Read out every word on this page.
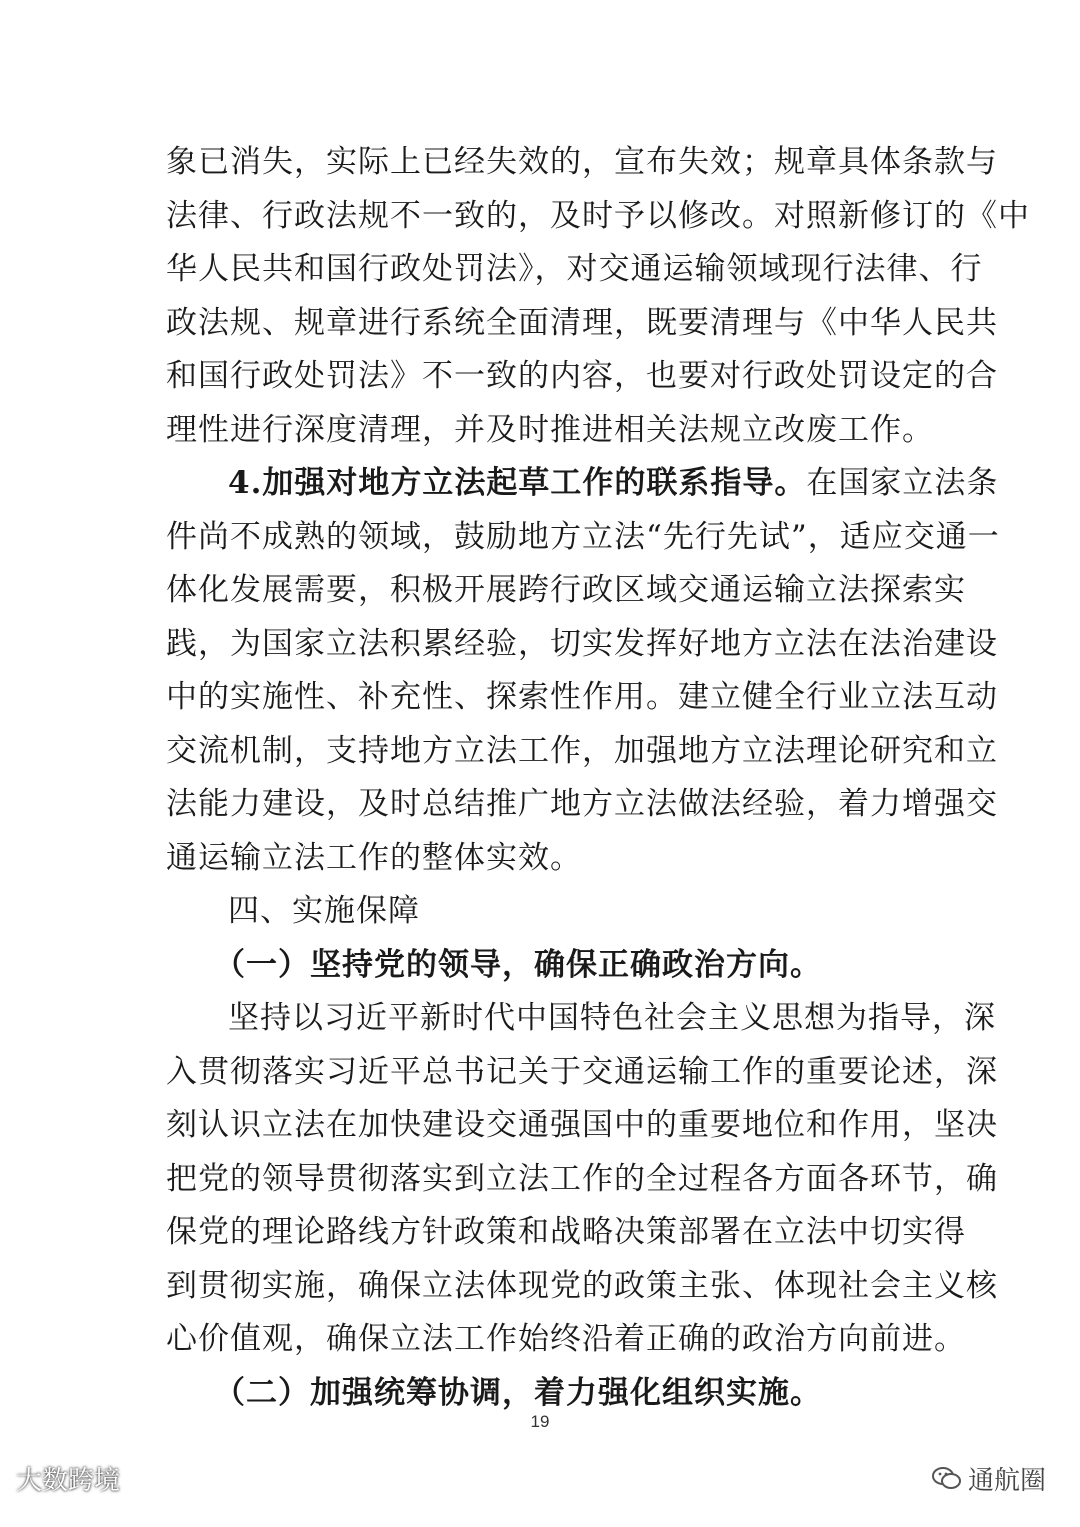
象已消失，实际上已经失效的，宣布失效；规章具体条款与
法律、行政法规不一致的，及时予以修改。对照新修订的《中
华人民共和国行政处罚法》，对交通运输领域现行法律、行
政法规、规章进行系统全面清理，既要清理与《中华人民共
和国行政处罚法》不一致的内容，也要对行政处罚设定的合
理性进行深度清理，并及时推进相关法规立改废工作。
4.加强对地方立法起草工作的联系指导。在国家立法条
件尚不成熟的领域，鼓励地方立法“先行先试”，适应交通一
体化发展需要，积极开展跨行政区域交通运输立法探索实
践，为国家立法积累经验，切实发挥好地方立法在法治建设
中的实施性、补充性、探索性作用。建立健全行业立法互动
交流机制，支持地方立法工作，加强地方立法理论研究和立
法能力建设，及时总结推广地方立法做法经验，着力增强交
通运输立法工作的整体实效。
四、实施保障
（一）坚持党的领导，确保正确政治方向。
坚持以习近平新时代中国特色社会主义思想为指导，深
入贯彻落实习近平总书记关于交通运输工作的重要论述，深
刻认识立法在加快建设交通强国中的重要地位和作用，坚决
把党的领导贯彻落实到立法工作的全过程各方面各环节，确
保党的理论路线方针政策和战略决策部署在立法中切实得
到贯彻实施，确保立法体现党的政策主张、体现社会主义核
心价值观，确保立法工作始终沿着正确的政治方向前进。
（二）加强统筹协调，着力强化组织实施。
19
大数跨境	通航圈
